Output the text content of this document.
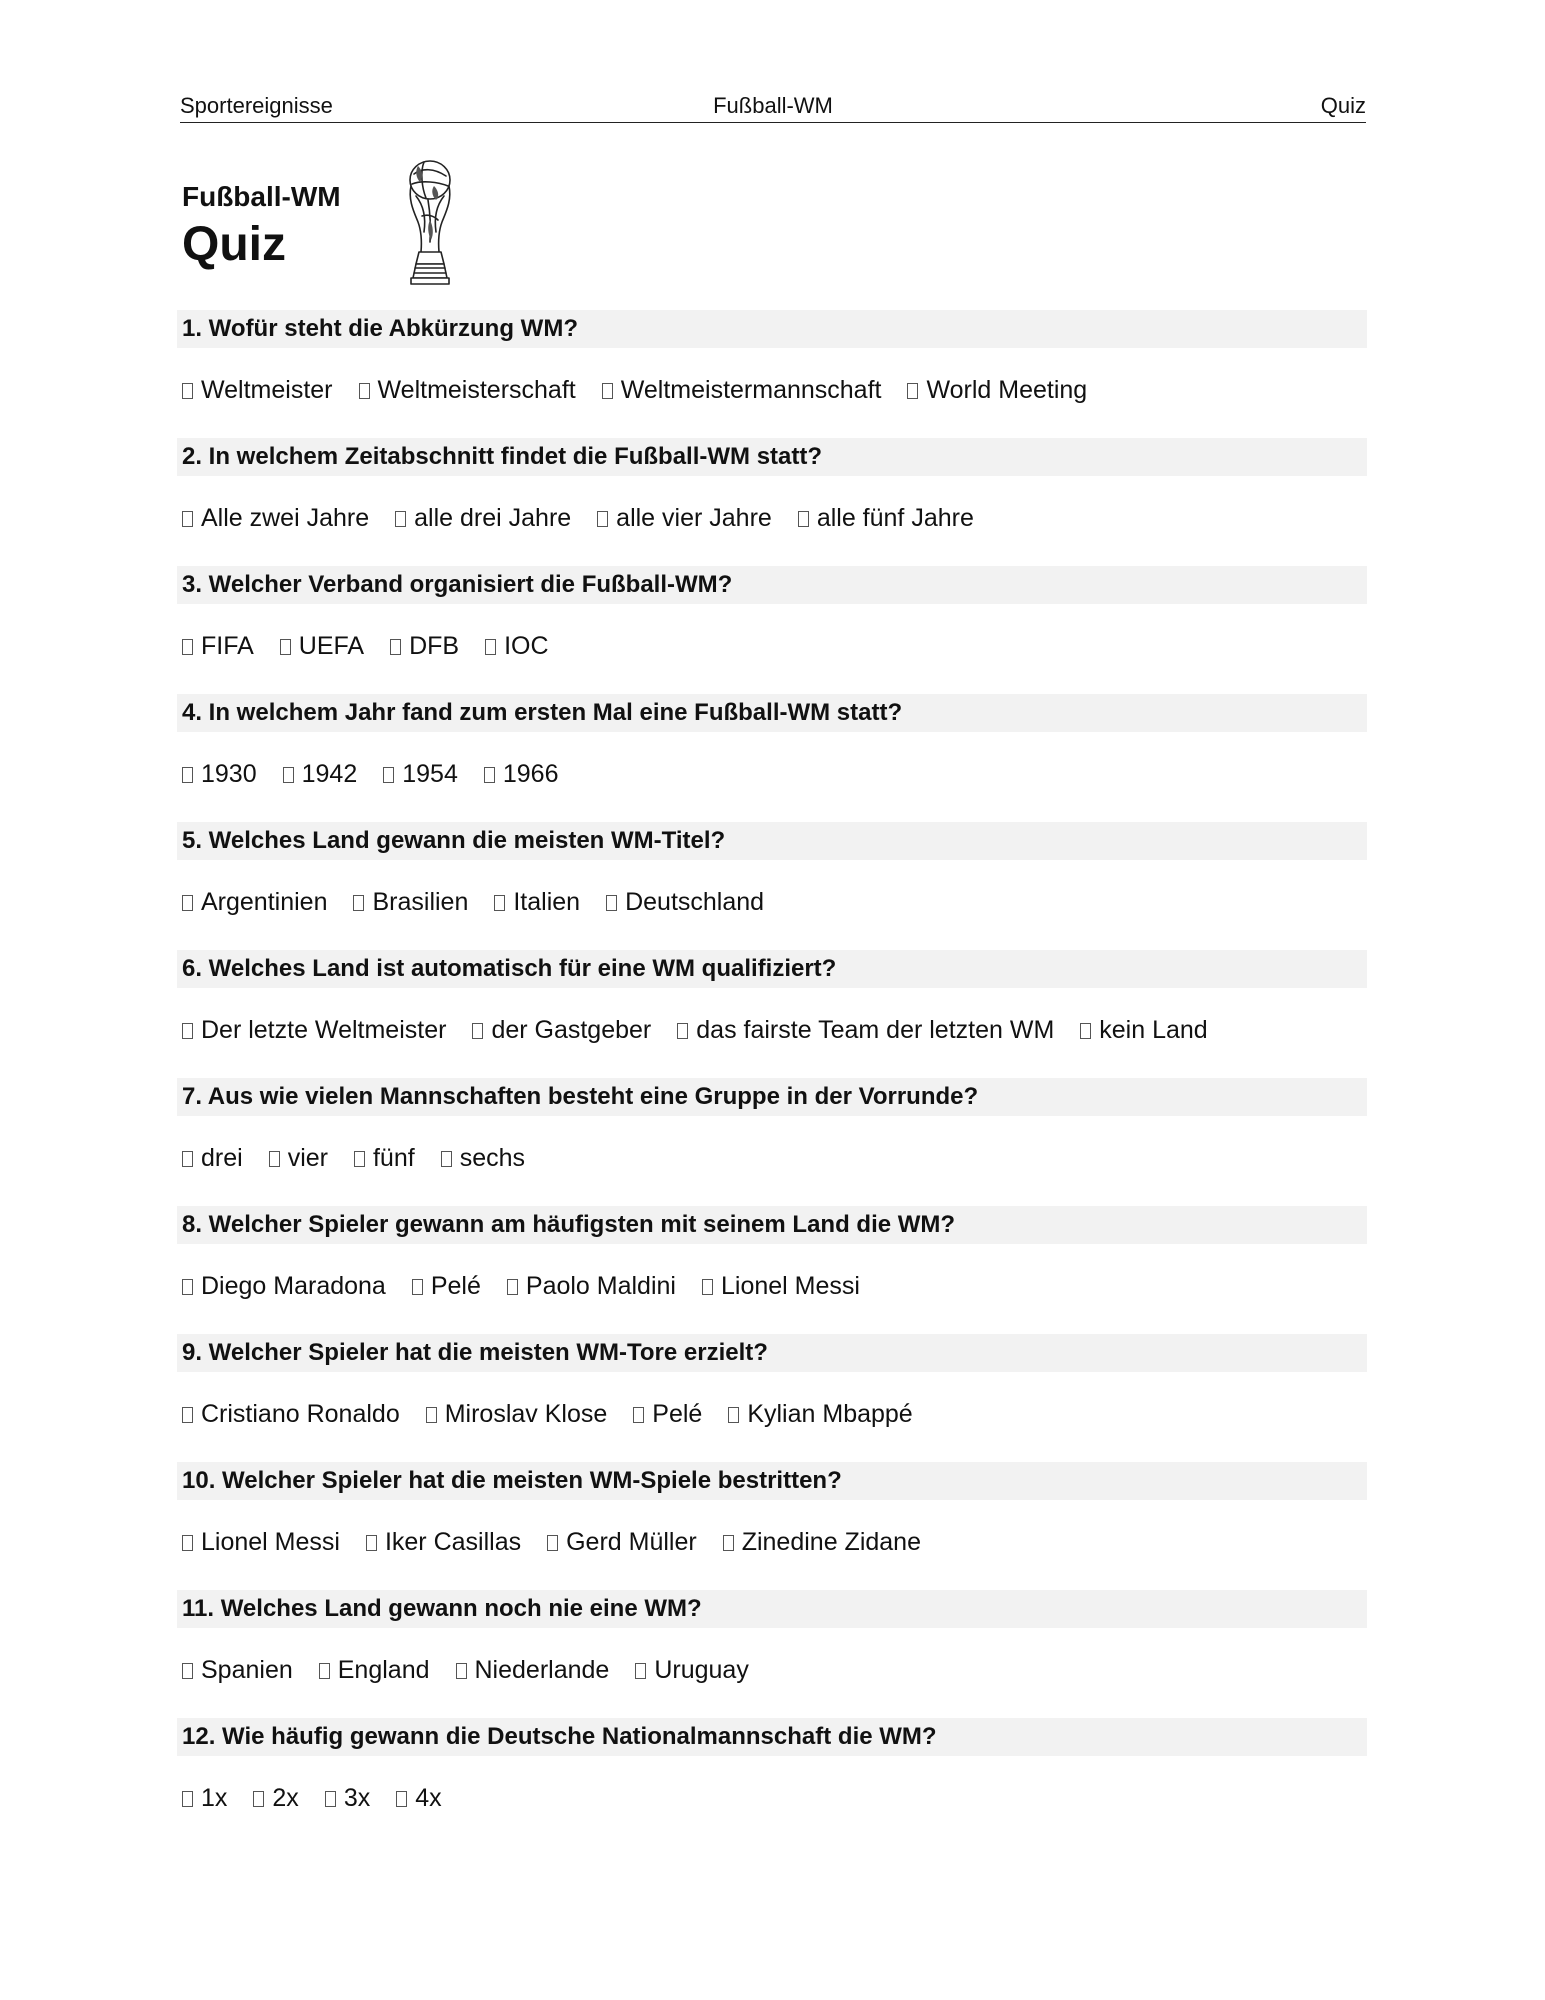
Sportereignisse	Fußball-WM	Quiz
Fußball-WM
Quiz
1. Wofür steht die Abkürzung WM?
Weltmeister Weltmeisterschaft Weltmeistermannschaft World Meeting
2. In welchem Zeitabschnitt findet die Fußball-WM statt?
Alle zwei Jahre alle drei Jahre alle vier Jahre alle fünf Jahre
3. Welcher Verband organisiert die Fußball-WM?
FIFA UEFA DFB IOC
4. In welchem Jahr fand zum ersten Mal eine Fußball-WM statt?
1930 1942 1954 1966
5. Welches Land gewann die meisten WM-Titel?
Argentinien Brasilien Italien Deutschland
6. Welches Land ist automatisch für eine WM qualifiziert?
Der letzte Weltmeister der Gastgeber das fairste Team der letzten WM kein Land
7. Aus wie vielen Mannschaften besteht eine Gruppe in der Vorrunde?
drei vier fünf sechs
8. Welcher Spieler gewann am häufigsten mit seinem Land die WM?
Diego Maradona Pelé Paolo Maldini Lionel Messi
9. Welcher Spieler hat die meisten WM-Tore erzielt?
Cristiano Ronaldo Miroslav Klose Pelé Kylian Mbappé
10. Welcher Spieler hat die meisten WM-Spiele bestritten?
Lionel Messi Iker Casillas Gerd Müller Zinedine Zidane
11. Welches Land gewann noch nie eine WM?
Spanien England Niederlande Uruguay
12. Wie häufig gewann die Deutsche Nationalmannschaft die WM?
1x 2x 3x 4x
